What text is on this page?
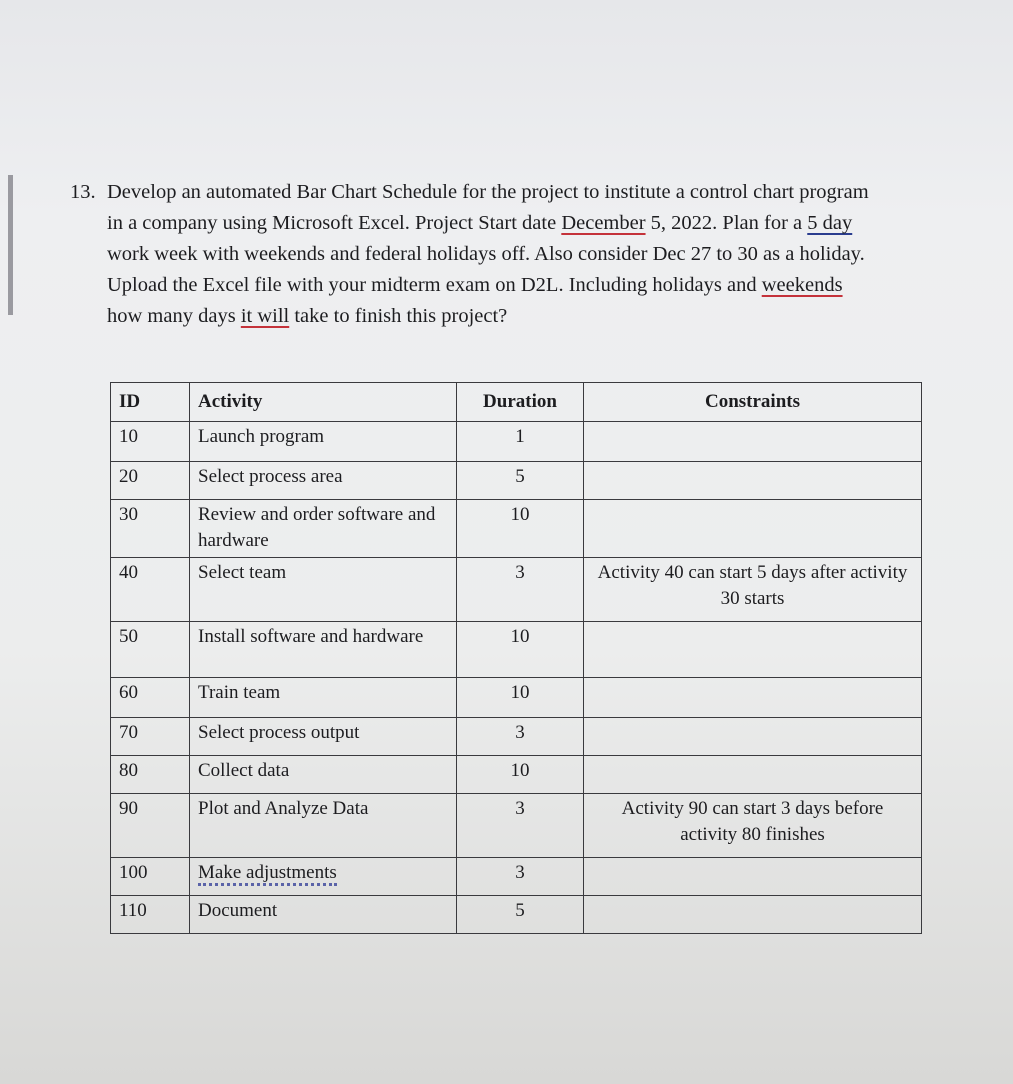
13. Develop an automated Bar Chart Schedule for the project to institute a control chart program
in a company using Microsoft Excel. Project Start date December 5, 2022. Plan for a 5 day
work week with weekends and federal holidays off. Also consider Dec 27 to 30 as a holiday.
Upload the Excel file with your midterm exam on D2L. Including holidays and weekends
how many days it will take to finish this project?
ID	Activity	Duration	Constraints
10	Launch program	1	
20	Select process area	5	
30	Review and order software and hardware	10	
40	Select team	3	Activity 40 can start 5 days after activity 30 starts
50	Install software and hardware	10	
60	Train team	10	
70	Select process output	3	
80	Collect data	10	
90	Plot and Analyze Data	3	Activity 90 can start 3 days before activity 80 finishes
100	Make adjustments	3	
110	Document	5	
